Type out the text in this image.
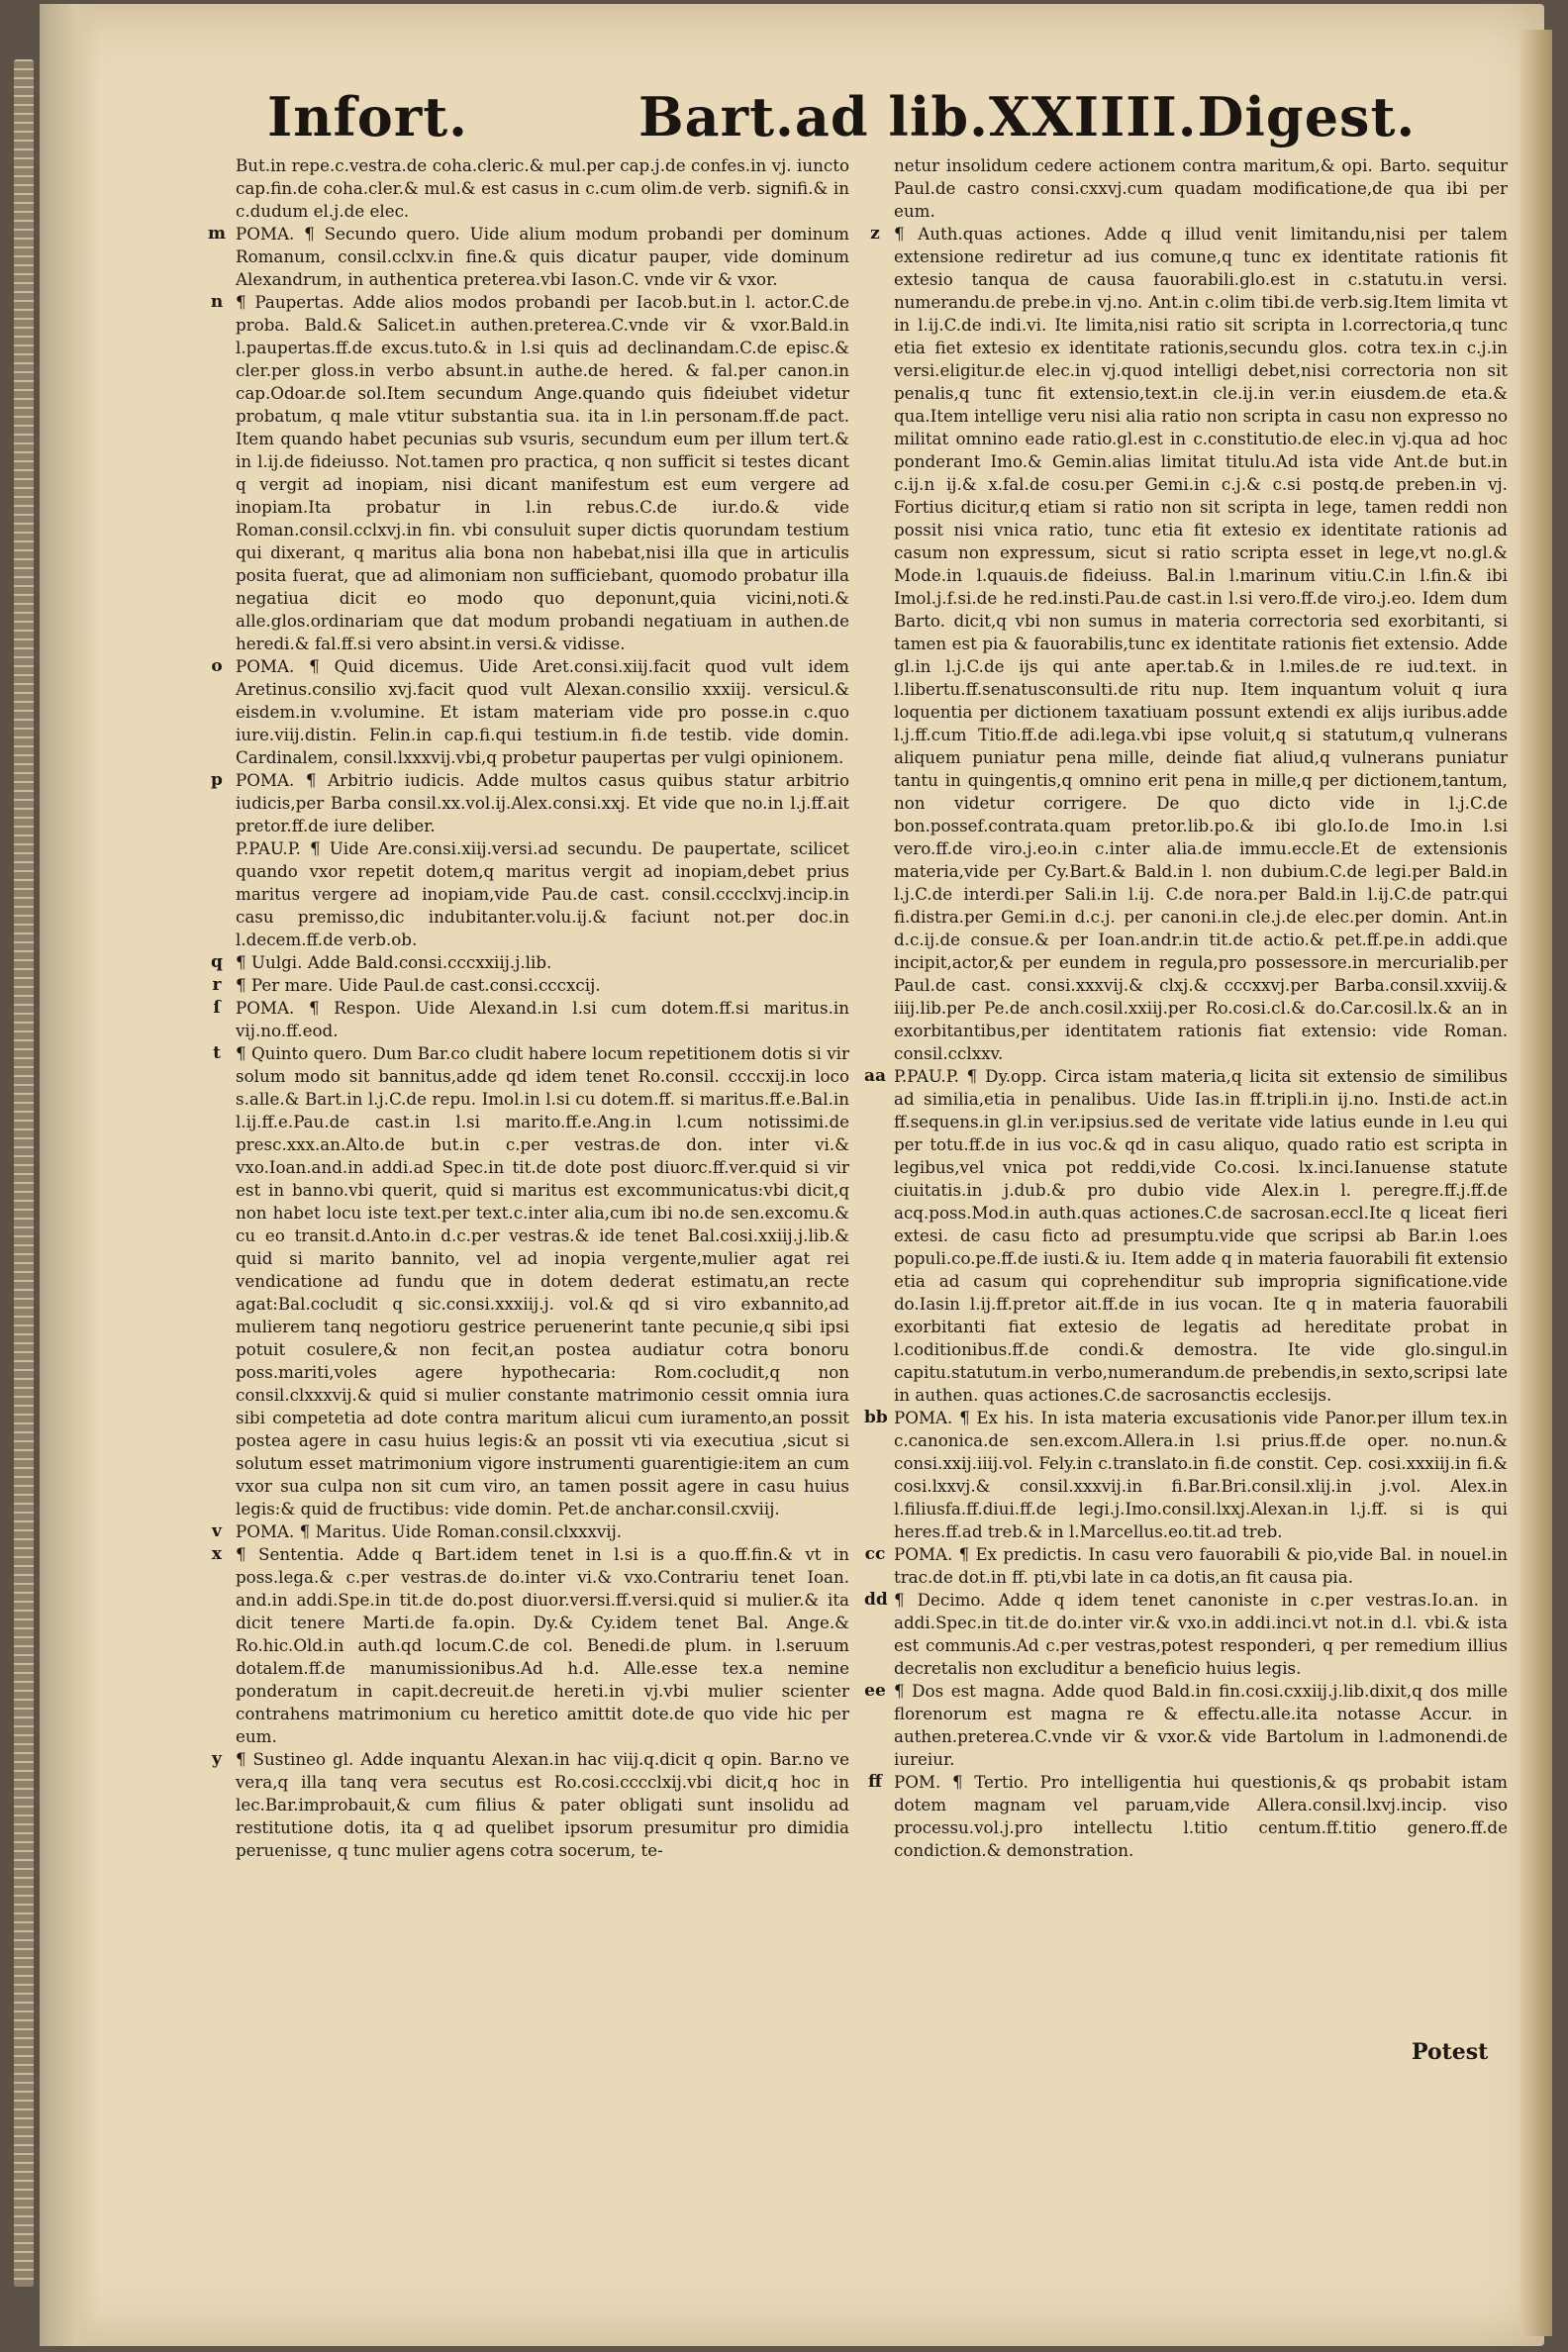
Infort.	Bart.ad lib.XXIIII.Digest.

But.in repe.c.vestra.de coha.cleric.& mul.per cap.j.de confes.in vj. iuncto cap.fin.de coha.cler.& mul.& est casus in c.cum olim.de verb. signifi.& in c.dudum el.j.de elec.

m POMA. ¶ Secundo quero. Uide alium modum probandi per dominum Romanum, consil.cclxv.in fine.& quis dicatur pauper, vide dominum Alexandrum, in authentica preterea.vbi Iason.C. vnde vir & vxor.

n ¶ Paupertas. Adde alios modos probandi per Iacob.but.in l. actor.C.de proba. Bald.& Salicet.in authen.preterea.C.vnde vir & vxor.Bald.in l.paupertas.ff.de excus.tuto.& in l.si quis ad declinandam.C.de episc.& cler.per gloss.in verbo absunt.in authe.de hered. & fal.per canon.in cap.Odoar.de sol.Item secundum Ange.quando quis fideiubet videtur probatum, q male vtitur substantia sua. ita in l.in personam.ff.de pact. Item quando habet pecunias sub vsuris, secundum eum per illum tert.& in l.ij.de fideiusso. Not.tamen pro practica, q non sufficit si testes dicant q vergit ad inopiam, nisi dicant manifestum est eum vergere ad inopiam.Ita probatur in l.in rebus.C.de iur.do.& vide Roman.consil.cclxvj.in fin. vbi consuluit super dictis quorundam testium qui dixerant, q maritus alia bona non habebat,nisi illa que in articulis posita fuerat, que ad alimoniam non sufficiebant, quomodo probatur illa negatiua dicit eo modo quo deponunt,quia vicini,noti.& alle.glos.ordinariam que dat modum probandi negatiuam in authen.de heredi.& fal.ff.si vero absint.in versi.& vidisse.

o POMA. ¶ Quid dicemus. Uide Aret.consi.xiij.facit quod vult idem Aretinus.consilio xvj.facit quod vult Alexan.consilio xxxiij. versicul.& eisdem.in v.volumine. Et istam materiam vide pro posse.in c.quo iure.viij.distin. Felin.in cap.fi.qui testium.in fi.de testib. vide domin. Cardinalem, consil.lxxxvij.vbi,q probetur paupertas per vulgi opinionem.

p POMA. ¶ Arbitrio iudicis. Adde multos casus quibus statur arbitrio iudicis,per Barba consil.xx.vol.ij.Alex.consi.xxj. Et vide que no.in l.j.ff.ait pretor.ff.de iure deliber.

P.PAU.P. ¶ Uide Are.consi.xiij.versi.ad secundu. De paupertate, scilicet quando vxor repetit dotem,q maritus vergit ad inopiam,debet prius maritus vergere ad inopiam,vide Pau.de cast. consil.cccclxvj.incip.in casu premisso,dic indubitanter.volu.ij.& faciunt not.per doc.in l.decem.ff.de verb.ob.

q ¶ Uulgi. Adde Bald.consi.cccxxiij.j.lib.

r ¶ Per mare. Uide Paul.de cast.consi.cccxcij.

ſ POMA. ¶ Respon. Uide Alexand.in l.si cum dotem.ff.si maritus.in vij.no.ff.eod.

t ¶ Quinto quero. Dum Bar.co cludit habere locum repetitionem dotis si vir solum modo sit bannitus,adde qd idem tenet Ro.consil. ccccxij.in loco s.alle.& Bart.in l.j.C.de repu. Imol.in l.si cu dotem.ff. si maritus.ff.e.Bal.in l.ij.ff.e.Pau.de cast.in l.si marito.ff.e.Ang.in l.cum notissimi.de presc.xxx.an.Alto.de but.in c.per vestras.de don. inter vi.& vxo.Ioan.and.in addi.ad Spec.in tit.de dote post diuorc.ff.ver.quid si vir est in banno.vbi querit, quid si maritus est excommunicatus:vbi dicit,q non habet locu iste text.per text.c.inter alia,cum ibi no.de sen.excomu.& cu eo transit.d.Anto.in d.c.per vestras.& ide tenet Bal.cosi.xxiij.j.lib.& quid si marito bannito, vel ad inopia vergente,mulier agat rei vendicatione ad fundu que in dotem dederat estimatu,an recte agat:Bal.cocludit q sic.consi.xxxiij.j. vol.& qd si viro exbannito,ad mulierem tanq negotioru gestrice peruenerint tante pecunie,q sibi ipsi potuit cosulere,& non fecit,an postea audiatur cotra bonoru poss.mariti,voles agere hypothecaria: Rom.cocludit,q non consil.clxxxvij.& quid si mulier constante matrimonio cessit omnia iura sibi competetia ad dote contra maritum alicui cum iuramento,an possit postea agere in casu huius legis:& an possit vti via executiua ,sicut si solutum esset matrimonium vigore instrumenti guarentigie:item an cum vxor sua culpa non sit cum viro, an tamen possit agere in casu huius legis:& quid de fructibus: vide domin. Pet.de anchar.consil.cxviij.

v POMA. ¶ Maritus. Uide Roman.consil.clxxxvij.

x ¶ Sententia. Adde q Bart.idem tenet in l.si is a quo.ff.fin.& vt in poss.lega.& c.per vestras.de do.inter vi.& vxo.Contrariu tenet Ioan. and.in addi.Spe.in tit.de do.post diuor.versi.ff.versi.quid si mulier.& ita dicit tenere Marti.de fa.opin. Dy.& Cy.idem tenet Bal. Ange.& Ro.hic.Old.in auth.qd locum.C.de col. Benedi.de plum. in l.seruum dotalem.ff.de manumissionibus.Ad h.d. Alle.esse tex.a nemine ponderatum in capit.decreuit.de hereti.in vj.vbi mulier scienter contrahens matrimonium cu heretico amittit dote.de quo vide hic per eum.

y ¶ Sustineo gl. Adde inquantu Alexan.in hac viij.q.dicit q opin. Bar.no ve vera,q illa tanq vera secutus est Ro.cosi.cccclxij.vbi dicit,q hoc in lec.Bar.improbauit,& cum filius & pater obligati sunt insolidu ad restitutione dotis, ita q ad quelibet ipsorum presumitur pro dimidia peruenisse, q tunc mulier agens cotra socerum, te-

netur insolidum cedere actionem contra maritum,& opi. Barto. sequitur Paul.de castro consi.cxxvj.cum quadam modificatione,de qua ibi per eum.

z ¶ Auth.quas actiones. Adde q illud venit limitandu,nisi per talem extensione rediretur ad ius comune,q tunc ex identitate rationis fit extesio tanqua de causa fauorabili.glo.est in c.statutu.in versi. numerandu.de prebe.in vj.no. Ant.in c.olim tibi.de verb.sig.Item limita vt in l.ij.C.de indi.vi. Ite limita,nisi ratio sit scripta in l.correctoria,q tunc etia fiet extesio ex identitate rationis,secundu glos. cotra tex.in c.j.in versi.eligitur.de elec.in vj.quod intelligi debet,nisi correctoria non sit penalis,q tunc fit extensio,text.in cle.ij.in ver.in eiusdem.de eta.& qua.Item intellige veru nisi alia ratio non scripta in casu non expresso no militat omnino eade ratio.gl.est in c.constitutio.de elec.in vj.qua ad hoc ponderant Imo.& Gemin.alias limitat titulu.Ad ista vide Ant.de but.in c.ij.n ij.& x.fal.de cosu.per Gemi.in c.j.& c.si postq.de preben.in vj. Fortius dicitur,q etiam si ratio non sit scripta in lege, tamen reddi non possit nisi vnica ratio, tunc etia fit extesio ex identitate rationis ad casum non expressum, sicut si ratio scripta esset in lege,vt no.gl.& Mode.in l.quauis.de fideiuss. Bal.in l.marinum vitiu.C.in l.fin.& ibi Imol.j.f.si.de he red.insti.Pau.de cast.in l.si vero.ff.de viro.j.eo. Idem dum Barto. dicit,q vbi non sumus in materia correctoria sed exorbitanti, si tamen est pia & fauorabilis,tunc ex identitate rationis fiet extensio. Adde gl.in l.j.C.de ijs qui ante aper.tab.& in l.miles.de re iud.text. in l.libertu.ff.senatusconsulti.de ritu nup. Item inquantum voluit q iura loquentia per dictionem taxatiuam possunt extendi ex alijs iuribus.adde l.j.ff.cum Titio.ff.de adi.lega.vbi ipse voluit,q si statutum,q vulnerans aliquem puniatur pena mille, deinde fiat aliud,q vulnerans puniatur tantu in quingentis,q omnino erit pena in mille,q per dictionem,tantum, non videtur corrigere. De quo dicto vide in l.j.C.de bon.possef.contrata.quam pretor.lib.po.& ibi glo.Io.de Imo.in l.si vero.ff.de viro.j.eo.in c.inter alia.de immu.eccle.Et de extensionis materia,vide per Cy.Bart.& Bald.in l. non dubium.C.de legi.per Bald.in l.j.C.de interdi.per Sali.in l.ij. C.de nora.per Bald.in l.ij.C.de patr.qui fi.distra.per Gemi.in d.c.j. per canoni.in cle.j.de elec.per domin. Ant.in d.c.ij.de consue.& per Ioan.andr.in tit.de actio.& pet.ff.pe.in addi.que incipit,actor,& per eundem in regula,pro possessore.in mercurialib.per Paul.de cast. consi.xxxvij.& clxj.& cccxxvj.per Barba.consil.xxviij.& iiij.lib.per Pe.de anch.cosil.xxiij.per Ro.cosi.cl.& do.Car.cosil.lx.& an in exorbitantibus,per identitatem rationis fiat extensio: vide Roman. consil.cclxxv.

aa P.PAU.P. ¶ Dy.opp. Circa istam materia,q licita sit extensio de similibus ad similia,etia in penalibus. Uide Ias.in ff.tripli.in ij.no. Insti.de act.in ff.sequens.in gl.in ver.ipsius.sed de veritate vide latius eunde in l.eu qui per totu.ff.de in ius voc.& qd in casu aliquo, quado ratio est scripta in legibus,vel vnica pot reddi,vide Co.cosi. lx.inci.Ianuense statute ciuitatis.in j.dub.& pro dubio vide Alex.in l. peregre.ff.j.ff.de acq.poss.Mod.in auth.quas actiones.C.de sacrosan.eccl.Ite q liceat fieri extesi. de casu ficto ad presumptu.vide que scripsi ab Bar.in l.oes populi.co.pe.ff.de iusti.& iu. Item adde q in materia fauorabili fit extensio etia ad casum qui coprehenditur sub impropria significatione.vide do.Iasin l.ij.ff.pretor ait.ff.de in ius vocan. Ite q in materia fauorabili exorbitanti fiat extesio de legatis ad hereditate probat in l.coditionibus.ff.de condi.& demostra. Ite vide glo.singul.in capitu.statutum.in verbo,numerandum.de prebendis,in sexto,scripsi late in authen. quas actiones.C.de sacrosanctis ecclesijs.

bb POMA. ¶ Ex his. In ista materia excusationis vide Panor.per illum tex.in c.canonica.de sen.excom.Allera.in l.si prius.ff.de oper. no.nun.& consi.xxij.iiij.vol. Fely.in c.translato.in fi.de constit. Cep. cosi.xxxiij.in fi.& cosi.lxxvj.& consil.xxxvij.in fi.Bar.Bri.consil.xlij.in j.vol. Alex.in l.filiusfa.ff.diui.ff.de legi.j.Imo.consil.lxxj.Alexan.in l.j.ff. si is qui heres.ff.ad treb.& in l.Marcellus.eo.tit.ad treb.

cc POMA. ¶ Ex predictis. In casu vero fauorabili & pio,vide Bal. in nouel.in trac.de dot.in ff. pti,vbi late in ca dotis,an fit causa pia.

dd ¶ Decimo. Adde q idem tenet canoniste in c.per vestras.Io.an. in addi.Spec.in tit.de do.inter vir.& vxo.in addi.inci.vt not.in d.l. vbi.& ista est communis.Ad c.per vestras,potest responderi, q per remedium illius decretalis non excluditur a beneficio huius legis.

ee ¶ Dos est magna. Adde quod Bald.in fin.cosi.cxxiij.j.lib.dixit,q dos mille florenorum est magna re & effectu.alle.ita notasse Accur. in authen.preterea.C.vnde vir & vxor.& vide Bartolum in l.admonendi.de iureiur.

ff POM. ¶ Tertio. Pro intelligentia hui questionis,& qs probabit istam dotem magnam vel paruam,vide Allera.consil.lxvj.incip. viso processu.vol.j.pro intellectu l.titio centum.ff.titio genero.ff.de condiction.& demonstration.

Potest
